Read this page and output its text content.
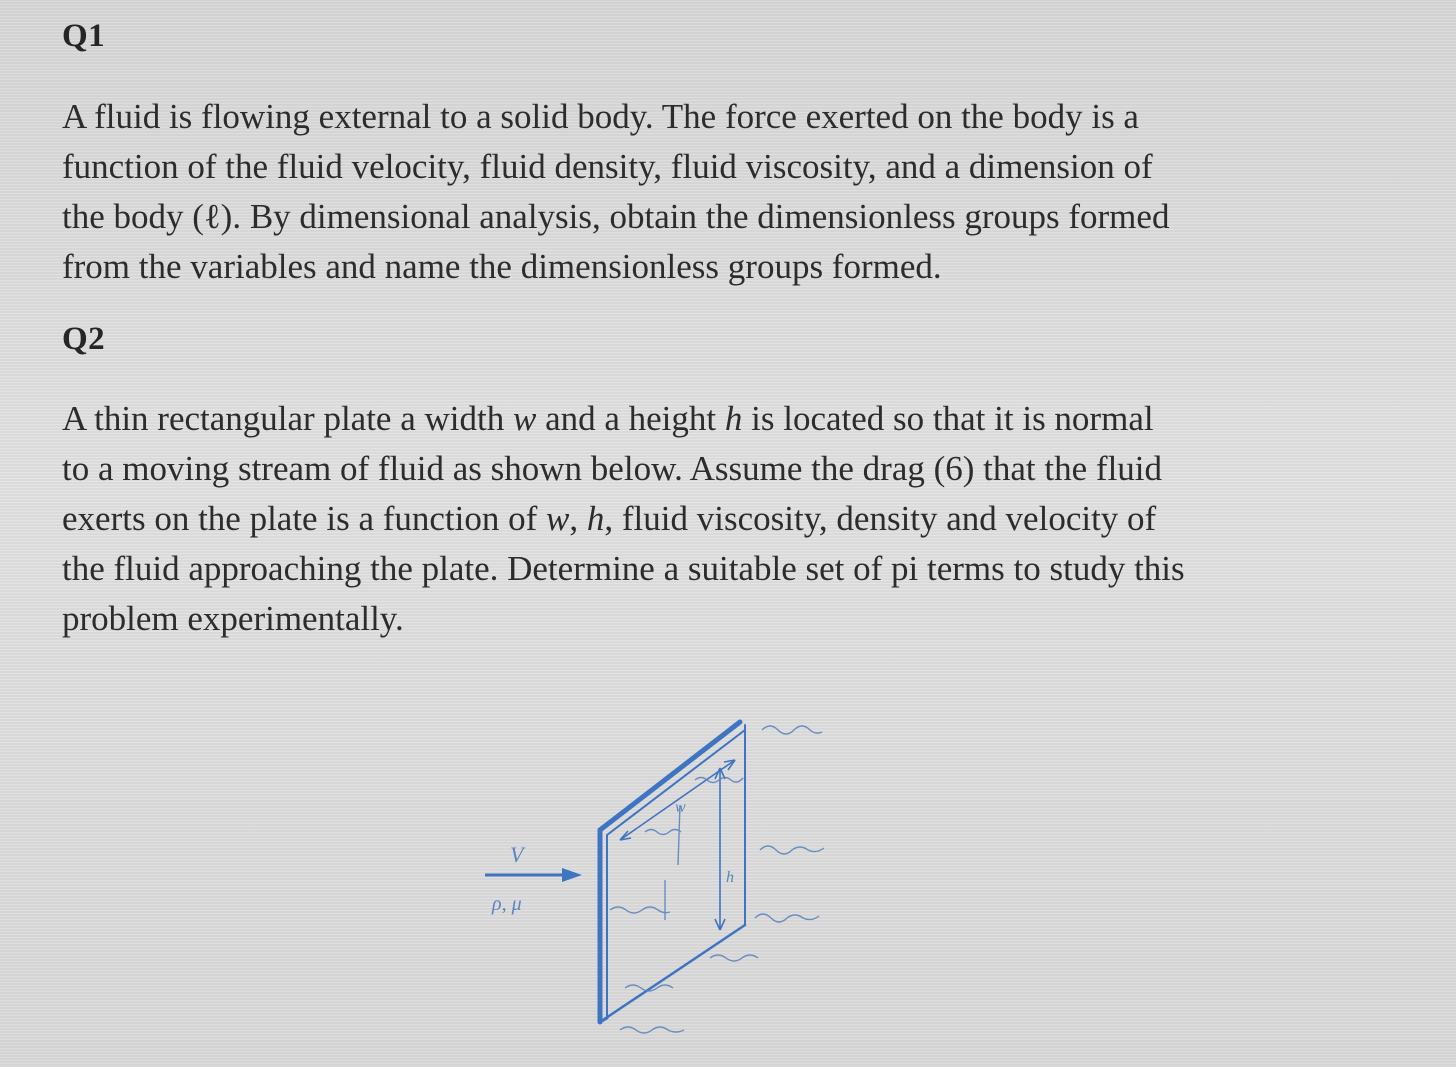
Q1

A fluid is flowing external to a solid body. The force exerted on the body is a
function of the fluid velocity, fluid density, fluid viscosity, and a dimension of
the body (ℓ). By dimensional analysis, obtain the dimensionless groups formed
from the variables and name the dimensionless groups formed.

Q2

A thin rectangular plate a width w and a height h is located so that it is normal
to a moving stream of fluid as shown below. Assume the drag (6) that the fluid
exerts on the plate is a function of w, h, fluid viscosity, density and velocity of
the fluid approaching the plate. Determine a suitable set of pi terms to study this
problem experimentally.

V
ρ, μ
w
h
